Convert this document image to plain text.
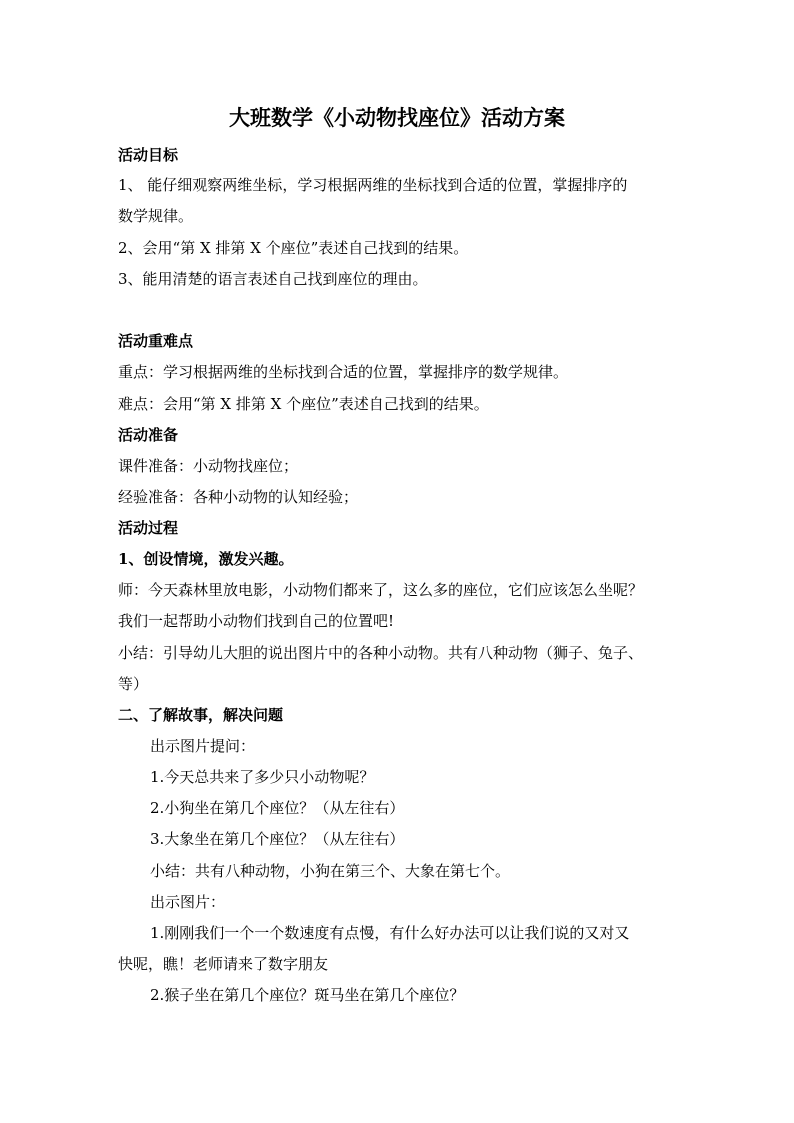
大班数学《小动物找座位》活动方案
活动目标
1、 能仔细观察两维坐标，学习根据两维的坐标找到合适的位置，掌握排序的
数学规律。
2、会用“第 X 排第 X 个座位”表述自己找到的结果。
3、能用清楚的语言表述自己找到座位的理由。
活动重难点
重点：学习根据两维的坐标找到合适的位置，掌握排序的数学规律。
难点：会用“第 X 排第 X 个座位”表述自己找到的结果。
活动准备
课件准备：小动物找座位；
经验准备：各种小动物的认知经验；
活动过程
1、创设情境，激发兴趣。
师：今天森林里放电影，小动物们都来了，这么多的座位，它们应该怎么坐呢？
我们一起帮助小动物们找到自己的位置吧!
小结：引导幼儿大胆的说出图片中的各种小动物。共有八种动物（狮子、兔子、
等）
二、了解故事，解决问题
出示图片提问：
1.今天总共来了多少只小动物呢？
2.小狗坐在第几个座位？（从左往右）
3.大象坐在第几个座位？（从左往右）
小结：共有八种动物，小狗在第三个、大象在第七个。
出示图片：
1.刚刚我们一个一个数速度有点慢，有什么好办法可以让我们说的又对又
快呢，瞧！老师请来了数字朋友
2.猴子坐在第几个座位？斑马坐在第几个座位？
